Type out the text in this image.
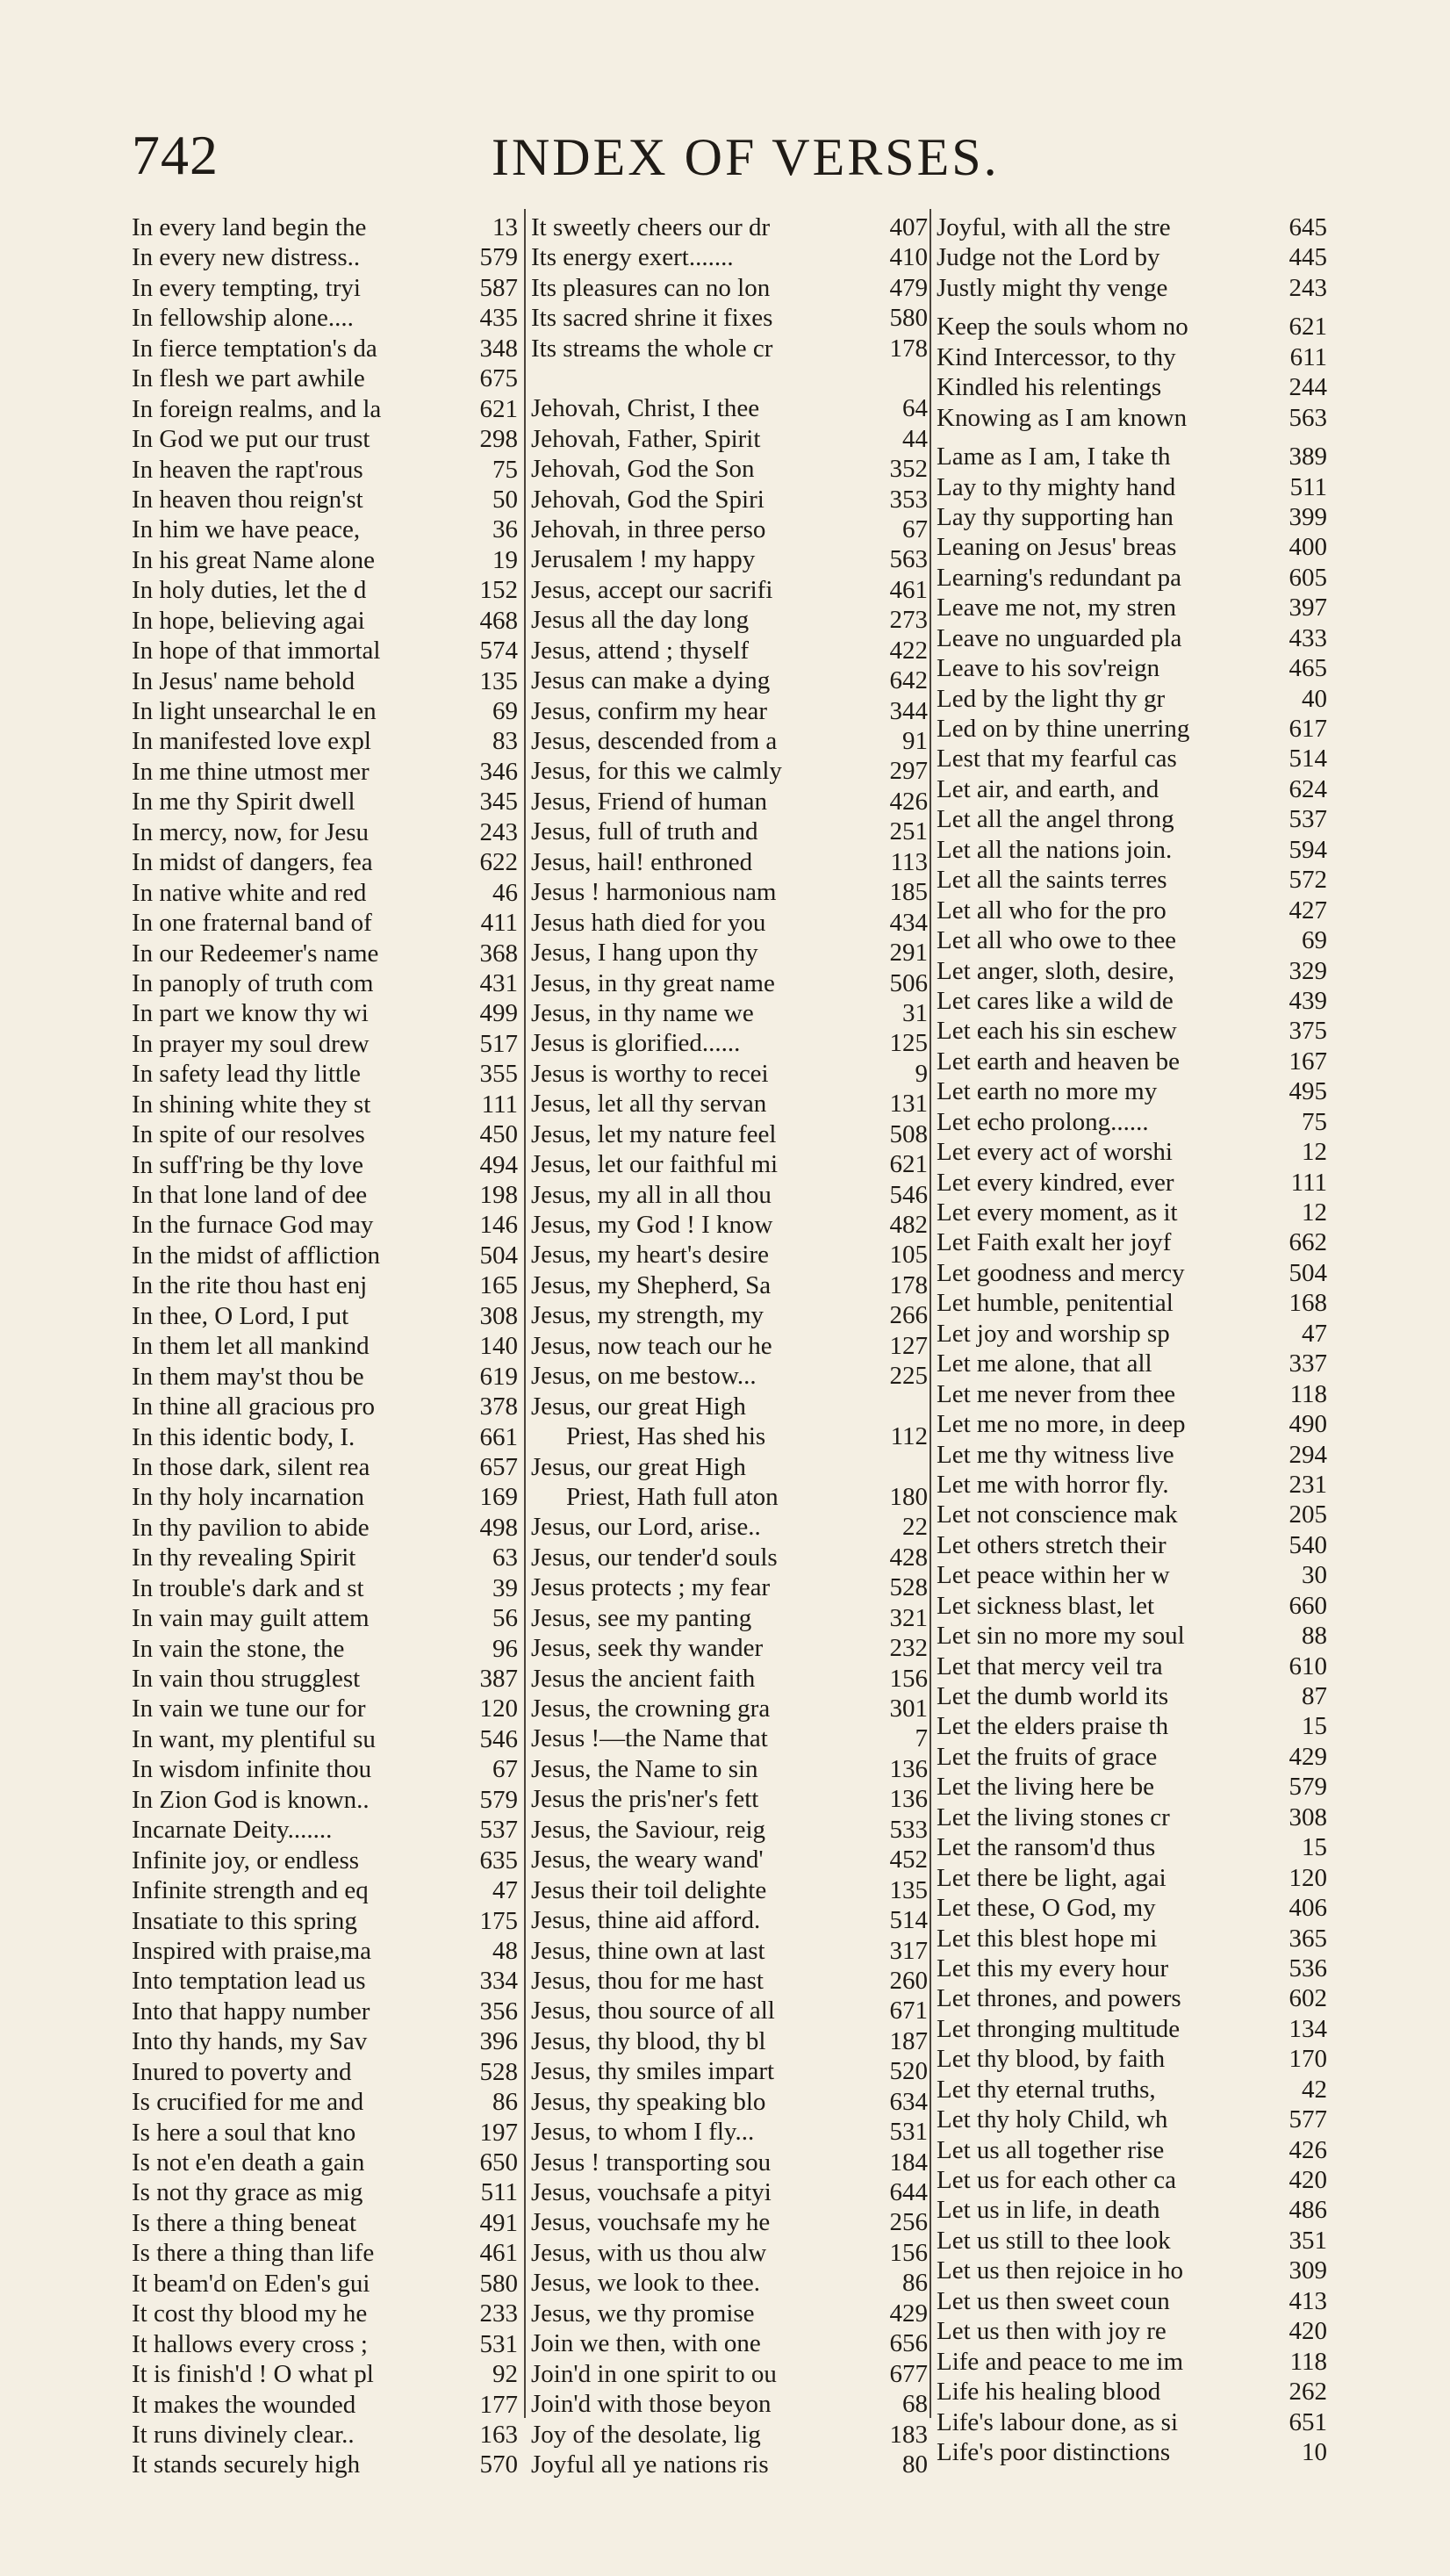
742	INDEX OF VERSES.
In every land begin the	13
In every new distress..	579
In every tempting, tryi	587
In fellowship alone....	435
In fierce temptation's da	348
In flesh we part awhile	675
In foreign realms, and la	621
In God we put our trust	298
In heaven the rapt'rous	75
In heaven thou reign'st	50
In him we have peace,	36
In his great Name alone	19
In holy duties, let the d	152
In hope, believing agai	468
In hope of that immortal	574
In Jesus' name behold	135
In light unsearchal le en	69
In manifested love expl	83
In me thine utmost mer	346
In me thy Spirit dwell	345
In mercy, now, for Jesu	243
In midst of dangers, fea	622
In native white and red	46
In one fraternal band of	411
In our Redeemer's name	368
In panoply of truth com	431
In part we know thy wi	499
In prayer my soul drew	517
In safety lead thy little	355
In shining white they st	111
In spite of our resolves	450
In suff'ring be thy love	494
In that lone land of dee	198
In the furnace God may	146
In the midst of affliction	504
In the rite thou hast enj	165
In thee, O Lord, I put	308
In them let all mankind	140
In them may'st thou be	619
In thine all gracious pro	378
In this identic body, I.	661
In those dark, silent rea	657
In thy holy incarnation	169
In thy pavilion to abide	498
In thy revealing Spirit	63
In trouble's dark and st	39
In vain may guilt attem	56
In vain the stone, the	96
In vain thou strugglest	387
In vain we tune our for	120
In want, my plentiful su	546
In wisdom infinite thou	67
In Zion God is known..	579
Incarnate Deity.......	537
Infinite joy, or endless	635
Infinite strength and eq	47
Insatiate to this spring	175
Inspired with praise,ma	48
Into temptation lead us	334
Into that happy number	356
Into thy hands, my Sav	396
Inured to poverty and	528
Is crucified for me and	86
Is here a soul that kno	197
Is not e'en death a gain	650
Is not thy grace as mig	511
Is there a thing beneat	491
Is there a thing than life	461
It beam'd on Eden's gui	580
It cost thy blood my he	233
It hallows every cross ;	531
It is finish'd ! O what pl	92
It makes the wounded	177
It runs divinely clear..	163
It stands securely high	570
It sweetly cheers our dr	407
Its energy exert.......	410
Its pleasures can no lon	479
Its sacred shrine it fixes	580
Its streams the whole cr	178
Jehovah, Christ, I thee	64
Jehovah, Father, Spirit	44
Jehovah, God the Son	352
Jehovah, God the Spiri	353
Jehovah, in three perso	67
Jerusalem ! my happy	563
Jesus, accept our sacrifi	461
Jesus all the day long	273
Jesus, attend ; thyself	422
Jesus can make a dying	642
Jesus, confirm my hear	344
Jesus, descended from a	91
Jesus, for this we calmly	297
Jesus, Friend of human	426
Jesus, full of truth and	251
Jesus, hail! enthroned	113
Jesus ! harmonious nam	185
Jesus hath died for you	434
Jesus, I hang upon thy	291
Jesus, in thy great name	506
Jesus, in thy name we	31
Jesus is glorified......	125
Jesus is worthy to recei	9
Jesus, let all thy servan	131
Jesus, let my nature feel	508
Jesus, let our faithful mi	621
Jesus, my all in all thou	546
Jesus, my God ! I know	482
Jesus, my heart's desire	105
Jesus, my Shepherd, Sa	178
Jesus, my strength, my	266
Jesus, now teach our he	127
Jesus, on me bestow...	225
Jesus, our great High
Priest, Has shed his	112
Jesus, our great High
Priest, Hath full aton	180
Jesus, our Lord, arise..	22
Jesus, our tender'd souls	428
Jesus protects ; my fear	528
Jesus, see my panting	321
Jesus, seek thy wander	232
Jesus the ancient faith	156
Jesus, the crowning gra	301
Jesus !—the Name that	7
Jesus, the Name to sin	136
Jesus the pris'ner's fett	136
Jesus, the Saviour, reig	533
Jesus, the weary wand'	452
Jesus their toil delighte	135
Jesus, thine aid afford.	514
Jesus, thine own at last	317
Jesus, thou for me hast	260
Jesus, thou source of all	671
Jesus, thy blood, thy bl	187
Jesus, thy smiles impart	520
Jesus, thy speaking blo	634
Jesus, to whom I fly...	531
Jesus ! transporting sou	184
Jesus, vouchsafe a pityi	644
Jesus, vouchsafe my he	256
Jesus, with us thou alw	156
Jesus, we look to thee.	86
Jesus, we thy promise	429
Join we then, with one	656
Join'd in one spirit to ou	677
Join'd with those beyon	68
Joy of the desolate, lig	183
Joyful all ye nations ris	80
Joyful, with all the stre	645
Judge not the Lord by	445
Justly might thy venge	243
Keep the souls whom no	621
Kind Intercessor, to thy	611
Kindled his relentings	244
Knowing as I am known	563
Lame as I am, I take th	389
Lay to thy mighty hand	511
Lay thy supporting han	399
Leaning on Jesus' breas	400
Learning's redundant pa	605
Leave me not, my stren	397
Leave no unguarded pla	433
Leave to his sov'reign	465
Led by the light thy gr	40
Led on by thine unerring	617
Lest that my fearful cas	514
Let air, and earth, and	624
Let all the angel throng	537
Let all the nations join.	594
Let all the saints terres	572
Let all who for the pro	427
Let all who owe to thee	69
Let anger, sloth, desire,	329
Let cares like a wild de	439
Let each his sin eschew	375
Let earth and heaven be	167
Let earth no more my	495
Let echo prolong......	75
Let every act of worshi	12
Let every kindred, ever	111
Let every moment, as it	12
Let Faith exalt her joyf	662
Let goodness and mercy	504
Let humble, penitential	168
Let joy and worship sp	47
Let me alone, that all	337
Let me never from thee	118
Let me no more, in deep	490
Let me thy witness live	294
Let me with horror fly.	231
Let not conscience mak	205
Let others stretch their	540
Let peace within her w	30
Let sickness blast, let	660
Let sin no more my soul	88
Let that mercy veil tra	610
Let the dumb world its	87
Let the elders praise th	15
Let the fruits of grace	429
Let the living here be	579
Let the living stones cr	308
Let the ransom'd thus	15
Let there be light, agai	120
Let these, O God, my	406
Let this blest hope mi	365
Let this my every hour	536
Let thrones, and powers	602
Let thronging multitude	134
Let thy blood, by faith	170
Let thy eternal truths,	42
Let thy holy Child, wh	577
Let us all together rise	426
Let us for each other ca	420
Let us in life, in death	486
Let us still to thee look	351
Let us then rejoice in ho	309
Let us then sweet coun	413
Let us then with joy re	420
Life and peace to me im	118
Life his healing blood	262
Life's labour done, as si	651
Life's poor distinctions	10
